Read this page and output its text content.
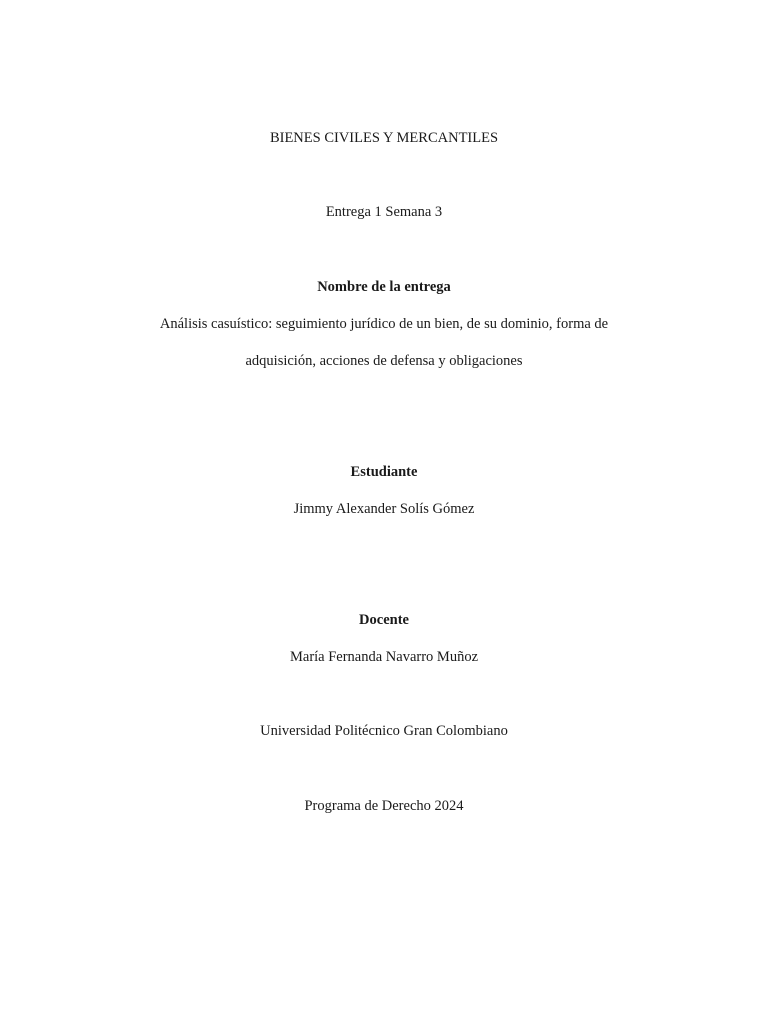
BIENES CIVILES Y MERCANTILES
Entrega 1 Semana 3
Nombre de la entrega
Análisis casuístico: seguimiento jurídico de un bien, de su dominio, forma de
adquisición, acciones de defensa y obligaciones
Estudiante
Jimmy Alexander Solís Gómez
Docente
María Fernanda Navarro Muñoz
Universidad Politécnico Gran Colombiano
Programa de Derecho 2024
